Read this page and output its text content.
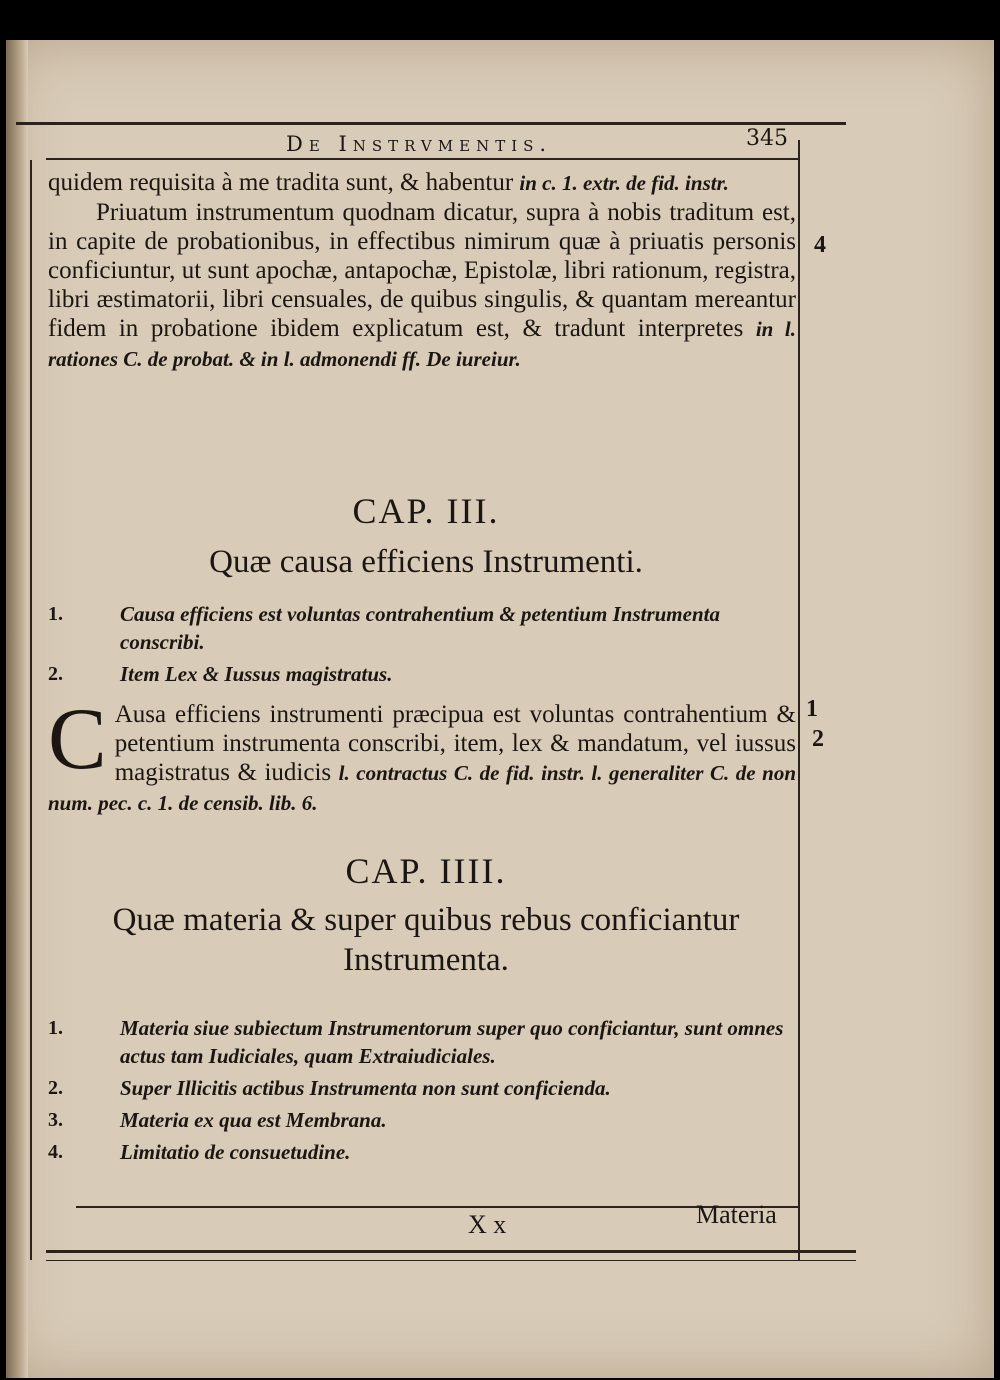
De Instrvmentis.	345

quidem requisita à me tradita sunt, & habentur in c. 1. extr. de fid. instr.

Priuatum instrumentum quodnam dicatur, supra à nobis traditum est, in capite de probationibus, in effectibus nimirum quæ à priuatis personis conficiuntur, ut sunt apochæ, antapochæ, Epistolæ, libri rationum, registra, libri æstimatorii, libri censuales, de quibus singulis, & quantam mereantur fidem in probatione ibidem explicatum est, & tradunt interpretes in l. rationes C. de probat. & in l. admonendi ff. De iureiur.

4
CAP. III.
Quæ causa efficiens Instrumenti.
1.	Causa efficiens est voluntas contrahentium & petentium Instrumenta conscribi.
2.	Item Lex & Iussus magistratus.
1
2

C Ausa efficiens instrumenti præcipua est voluntas contrahentium & petentium instrumenta conscribi, item, lex & mandatum, vel iussus magistratus & iudicis l. contractus C. de fid. instr. l. generaliter C. de non num. pec. c. 1. de censib. lib. 6.

CAP. IIII.
Quæ materia & super quibus rebus conficiantur Instrumenta.
1.	Materia siue subiectum Instrumentorum super quo conficiantur, sunt omnes actus tam Iudiciales, quam Extraiudiciales.
2.	Super Illicitis actibus Instrumenta non sunt conficienda.
3.	Materia ex qua est Membrana.
4.	Limitatio de consuetudine.
X x	Materia
